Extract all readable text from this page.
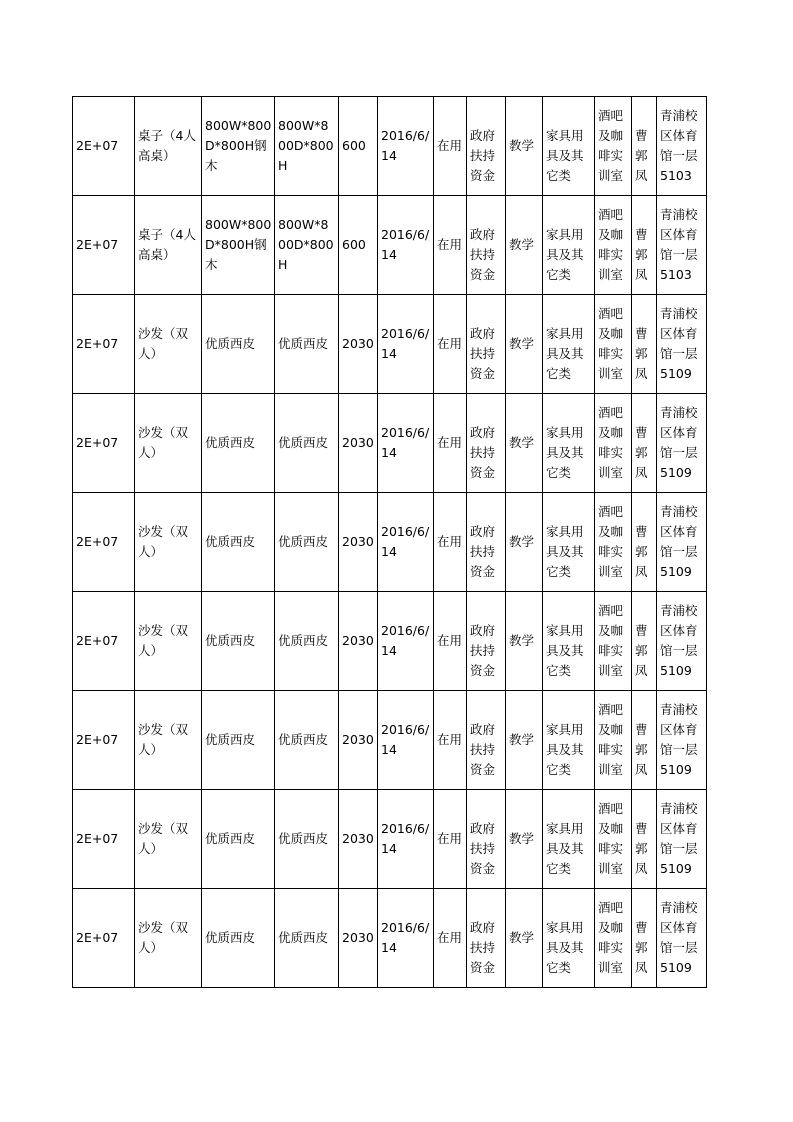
2E+07	桌子（4人高桌）	800W*800D*800H钢木	800W*800D*800H	600	2016/6/14	在用	政府扶持资金	教学	家具用具及其它类	酒吧及咖啡实训室	曹郭凤	青浦校区体育馆一层5103

2E+07	桌子（4人高桌）	800W*800D*800H钢木	800W*800D*800H	600	2016/6/14	在用	政府扶持资金	教学	家具用具及其它类	酒吧及咖啡实训室	曹郭凤	青浦校区体育馆一层5103

2E+07	沙发（双人）	优质西皮	优质西皮	2030	2016/6/14	在用	政府扶持资金	教学	家具用具及其它类	酒吧及咖啡实训室	曹郭凤	青浦校区体育馆一层5109

2E+07	沙发（双人）	优质西皮	优质西皮	2030	2016/6/14	在用	政府扶持资金	教学	家具用具及其它类	酒吧及咖啡实训室	曹郭凤	青浦校区体育馆一层5109

2E+07	沙发（双人）	优质西皮	优质西皮	2030	2016/6/14	在用	政府扶持资金	教学	家具用具及其它类	酒吧及咖啡实训室	曹郭凤	青浦校区体育馆一层5109

2E+07	沙发（双人）	优质西皮	优质西皮	2030	2016/6/14	在用	政府扶持资金	教学	家具用具及其它类	酒吧及咖啡实训室	曹郭凤	青浦校区体育馆一层5109

2E+07	沙发（双人）	优质西皮	优质西皮	2030	2016/6/14	在用	政府扶持资金	教学	家具用具及其它类	酒吧及咖啡实训室	曹郭凤	青浦校区体育馆一层5109

2E+07	沙发（双人）	优质西皮	优质西皮	2030	2016/6/14	在用	政府扶持资金	教学	家具用具及其它类	酒吧及咖啡实训室	曹郭凤	青浦校区体育馆一层5109

2E+07	沙发（双人）	优质西皮	优质西皮	2030	2016/6/14	在用	政府扶持资金	教学	家具用具及其它类	酒吧及咖啡实训室	曹郭凤	青浦校区体育馆一层5109
